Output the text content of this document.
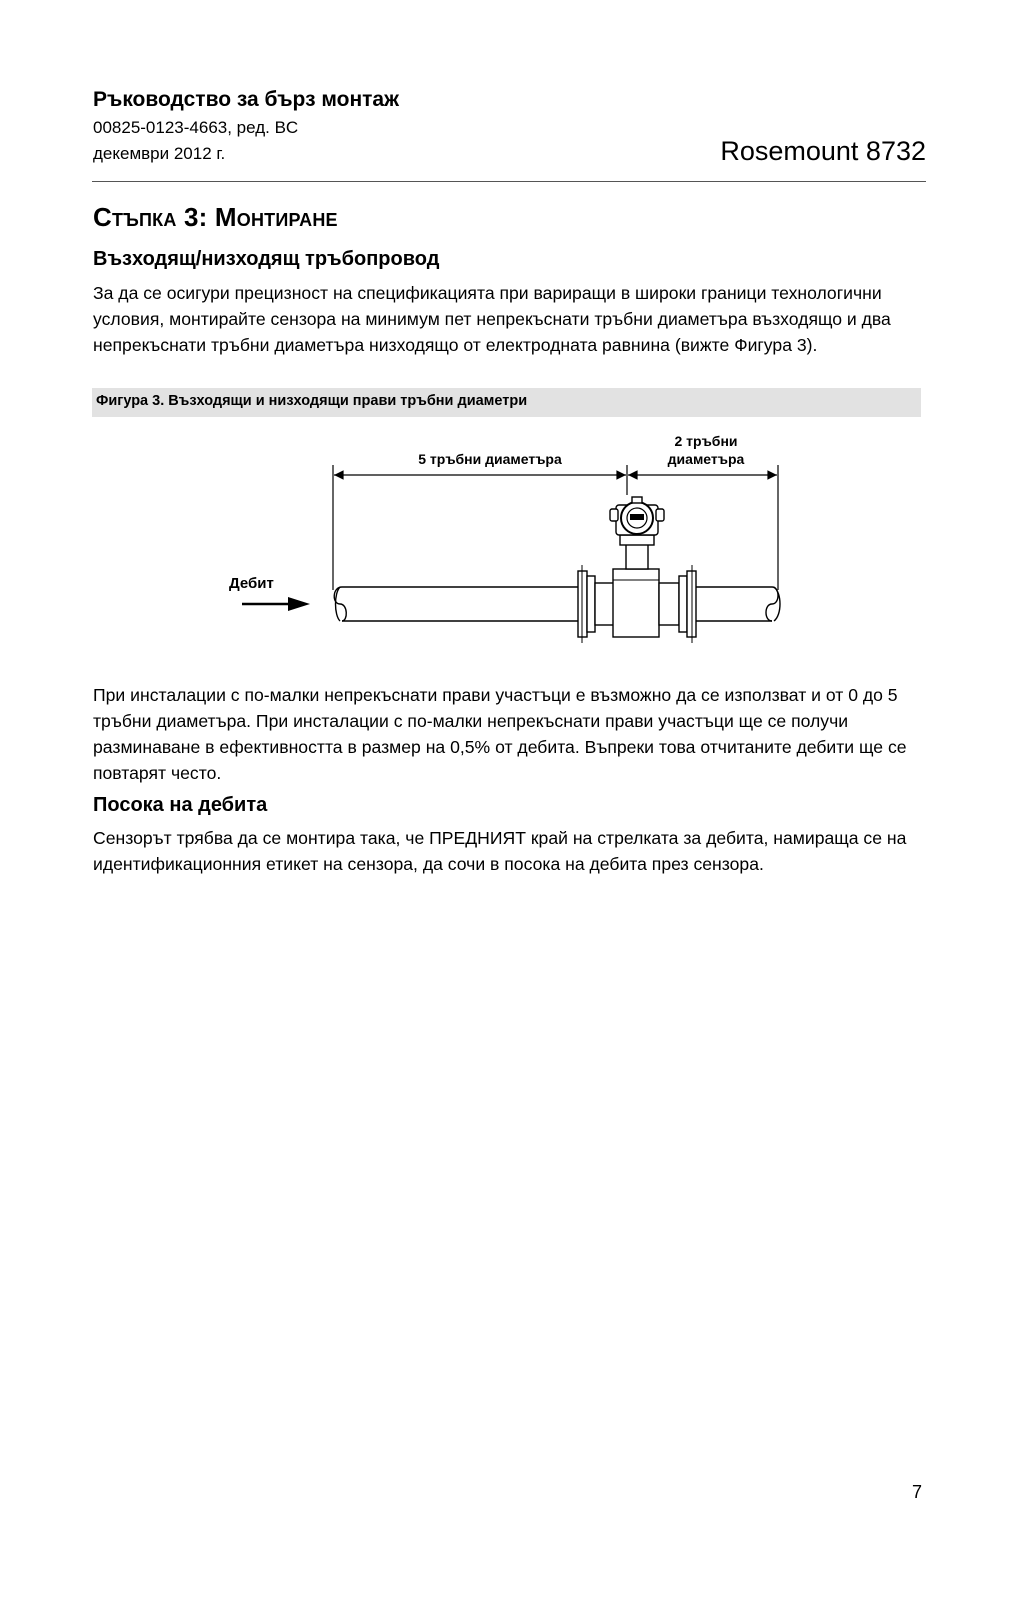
Ръководство за бърз монтаж
00825-0123-4663, ред. BC
декември 2012 г.	Rosemount 8732
Стъпка 3: Монтиране
Възходящ/низходящ тръбопровод
За да се осигури прецизност на спецификацията при вариращи в широки граници технологични условия, монтирайте сензора на минимум пет непрекъснати тръбни диаметъра възходящо и два непрекъснати тръбни диаметъра низходящо от електродната равнина (вижте Фигура 3).
Фигура 3. Възходящи и низходящи прави тръбни диаметри
5 тръбни диаметъра
2 тръбни
диаметъра
Дебит
При инсталации с по-малки непрекъснати прави участъци е възможно да се използват и от 0 до 5 тръбни диаметъра. При инсталации с по-малки непрекъснати прави участъци ще се получи разминаване в ефективността в размер на 0,5% от дебита. Въпреки това отчитаните дебити ще се повтарят често.
Посока на дебита
Сензорът трябва да се монтира така, че ПРЕДНИЯТ край на стрелката за дебита, намираща се на идентификационния етикет на сензора, да сочи в посока на дебита през сензора.
7
